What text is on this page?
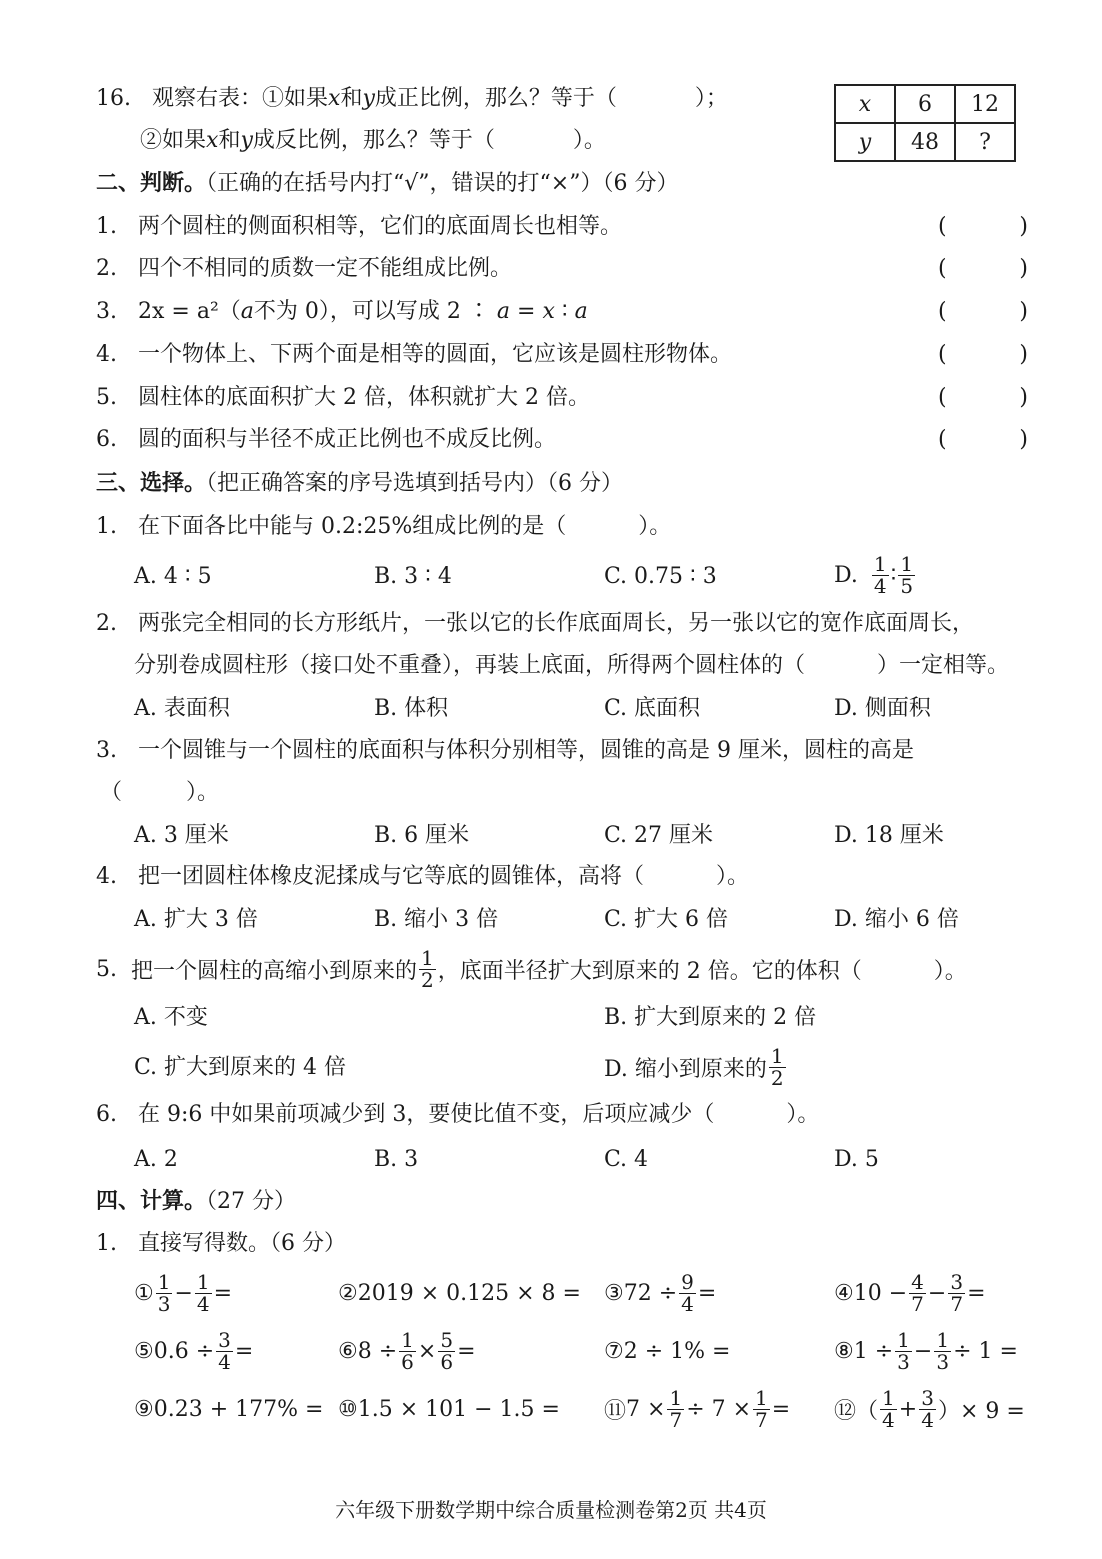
16. 观察右表：①如果x和y成正比例，那么？等于（	）；
②如果x和y成反比例，那么？等于（	）。
x	6	12
y	48	?
二、判断。（正确的在括号内打“√”，错误的打“×”）（6 分）
1. 两个圆柱的侧面积相等，它们的底面周长也相等。	(	)
2. 四个不相同的质数一定不能组成比例。	(	)
3. 2x = a²（a不为 0），可以写成 2 ∶ a = x ∶ a	(	)
4. 一个物体上、下两个面是相等的圆面，它应该是圆柱形物体。	(	)
5. 圆柱体的底面积扩大 2 倍，体积就扩大 2 倍。	(	)
6. 圆的面积与半径不成正比例也不成反比例。	(	)
三、选择。（把正确答案的序号选填到括号内）（6 分）
1. 在下面各比中能与 0.2:25%组成比例的是（	）。
A. 4 ∶ 5	B. 3 ∶ 4	C. 0.75 ∶ 3	D. $\frac{1}{4}$ ∶ $\frac{1}{5}$
2. 两张完全相同的长方形纸片，一张以它的长作底面周长，另一张以它的宽作底面周长，
分别卷成圆柱形（接口处不重叠），再装上底面，所得两个圆柱体的（	）一定相等。
A. 表面积	B. 体积	C. 底面积	D. 侧面积
3. 一个圆锥与一个圆柱的底面积与体积分别相等，圆锥的高是 9 厘米，圆柱的高是
（	）。
A. 3 厘米	B. 6 厘米	C. 27 厘米	D. 18 厘米
4. 把一团圆柱体橡皮泥揉成与它等底的圆锥体，高将（	）。
A. 扩大 3 倍	B. 缩小 3 倍	C. 扩大 6 倍	D. 缩小 6 倍
5. 把一个圆柱的高缩小到原来的 $\frac{1}{2}$ ，底面半径扩大到原来的 2 倍。它的体积（	）。
A. 不变	B. 扩大到原来的 2 倍
C. 扩大到原来的 4 倍	D. 缩小到原来的 $\frac{1}{2}$
6. 在 9:6 中如果前项减少到 3，要使比值不变，后项应减少（	）。
A. 2	B. 3	C. 4	D. 5
四、计算。（27 分）
1. 直接写得数。（6 分）
① $\frac{1}{3} - \frac{1}{4}$ =	② 2019 × 0.125 × 8 = ③ $72 \div \frac{9}{4}$ =	④ $10 - \frac{4}{7} - \frac{3}{7}$ =
⑤ $0.6 \div \frac{3}{4}$ =	⑥ $8 \div \frac{1}{6} \times \frac{5}{6}$ =	⑦ 2 ÷ 1% =	⑧ $1 \div \frac{1}{3} - \frac{1}{3} \div 1$ =
⑨ 0.23 + 177% = ⑩ 1.5 × 101 − 1.5 = ⑪ $7 \times \frac{1}{7} \div 7 \times \frac{1}{7}$ = ⑫ （ $\frac{1}{4} + \frac{3}{4}$ ）× 9 =
六年级下册数学期中综合质量检测卷第2页 共4页
